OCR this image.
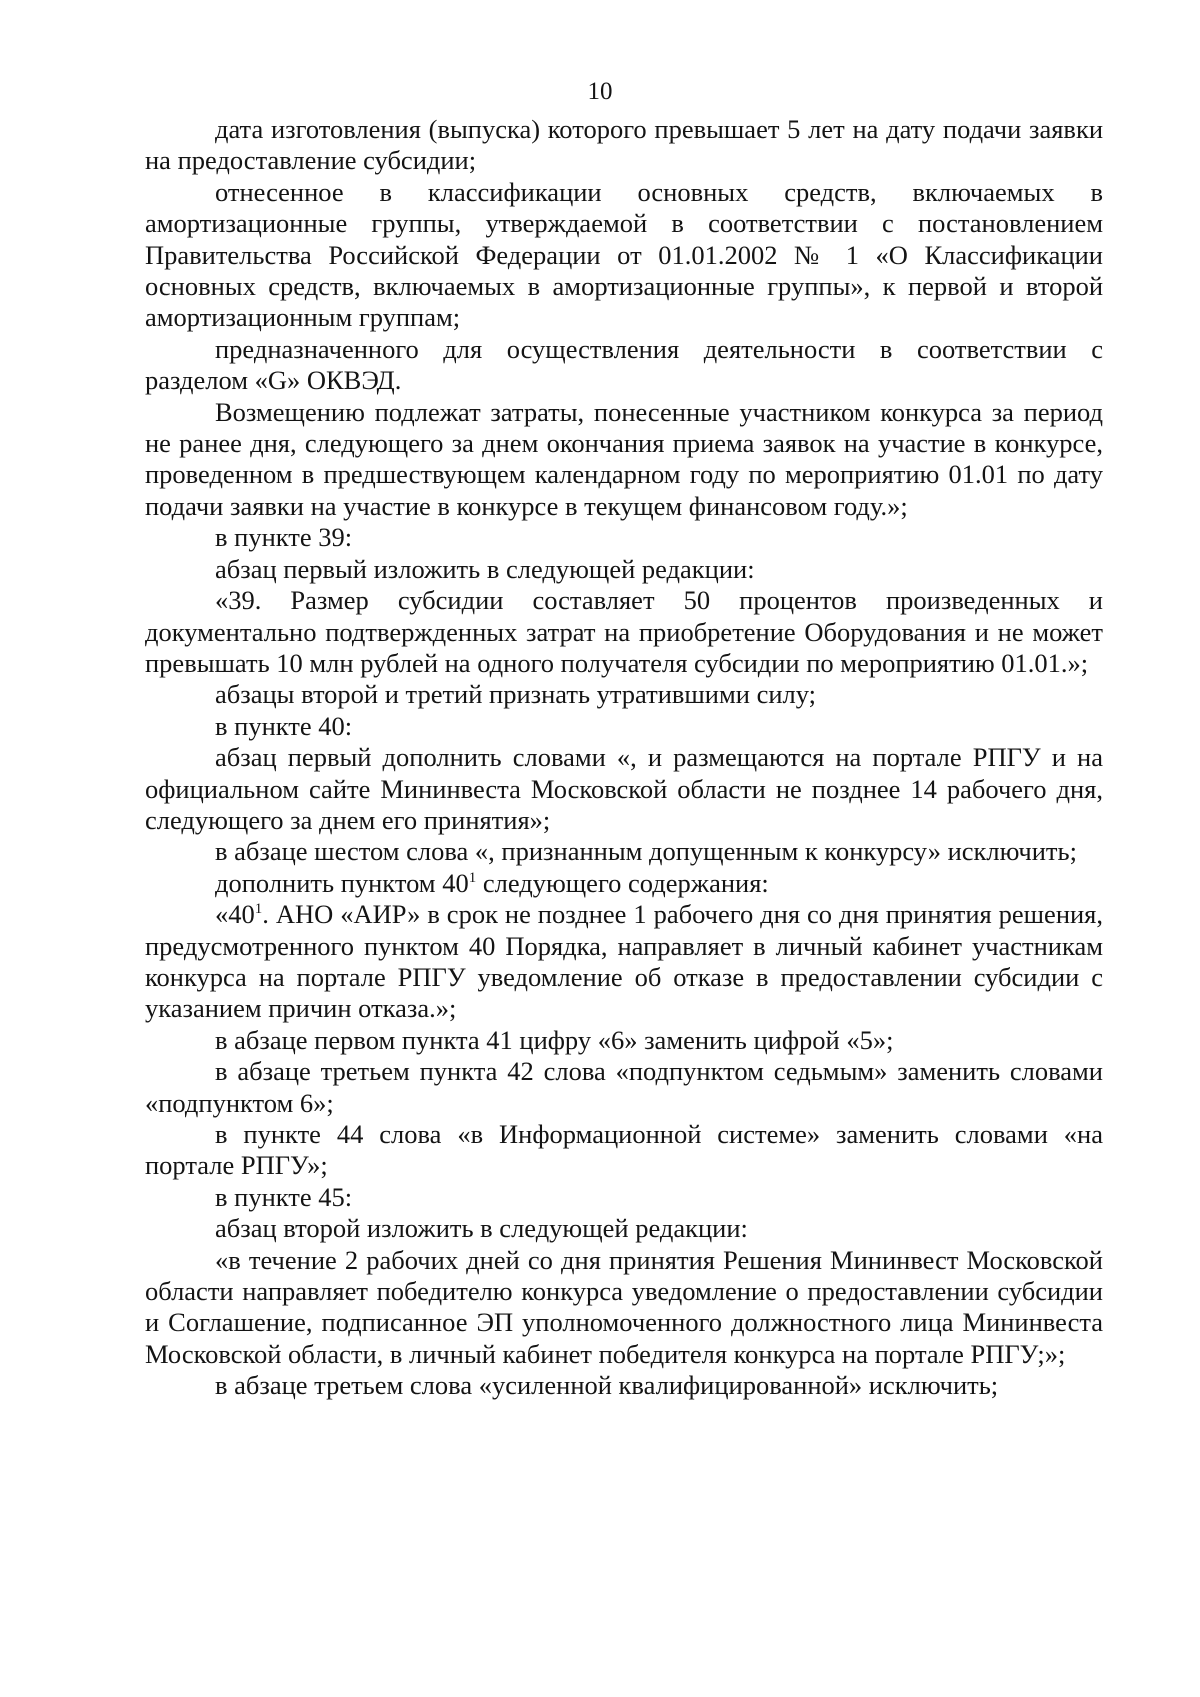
10

дата изготовления (выпуска) которого превышает 5 лет на дату подачи заявки на предоставление субсидии;

отнесенное в классификации основных средств, включаемых в амортизационные группы, утверждаемой в соответствии с постановлением Правительства Российской Федерации от 01.01.2002 № 1 «О Классификации основных средств, включаемых в амортизационные группы», к первой и второй амортизационным группам;

предназначенного для осуществления деятельности в соответствии с разделом «G» ОКВЭД.

Возмещению подлежат затраты, понесенные участником конкурса за период не ранее дня, следующего за днем окончания приема заявок на участие в конкурсе, проведенном в предшествующем календарном году по мероприятию 01.01 по дату подачи заявки на участие в конкурсе в текущем финансовом году.»;

в пункте 39:

абзац первый изложить в следующей редакции:

«39. Размер субсидии составляет 50 процентов произведенных и документально подтвержденных затрат на приобретение Оборудования и не может превышать 10 млн рублей на одного получателя субсидии по мероприятию 01.01.»;

абзацы второй и третий признать утратившими силу;

в пункте 40:

абзац первый дополнить словами «, и размещаются на портале РПГУ и на официальном сайте Мининвеста Московской области не позднее 14 рабочего дня, следующего за днем его принятия»;

в абзаце шестом слова «, признанным допущенным к конкурсу» исключить;

дополнить пунктом $40^1$ следующего содержания:

«$40^1$. АНО «АИР» в срок не позднее 1 рабочего дня со дня принятия решения, предусмотренного пунктом 40 Порядка, направляет в личный кабинет участникам конкурса на портале РПГУ уведомление об отказе в предоставлении субсидии с указанием причин отказа.»;

в абзаце первом пункта 41 цифру «6» заменить цифрой «5»;

в абзаце третьем пункта 42 слова «подпунктом седьмым» заменить словами «подпунктом 6»;

в пункте 44 слова «в Информационной системе» заменить словами «на портале РПГУ»;

в пункте 45:

абзац второй изложить в следующей редакции:

«в течение 2 рабочих дней со дня принятия Решения Мининвест Московской области направляет победителю конкурса уведомление о предоставлении субсидии и Соглашение, подписанное ЭП уполномоченного должностного лица Мининвеста Московской области, в личный кабинет победителя конкурса на портале РПГУ;»;

в абзаце третьем слова «усиленной квалифицированной» исключить;
